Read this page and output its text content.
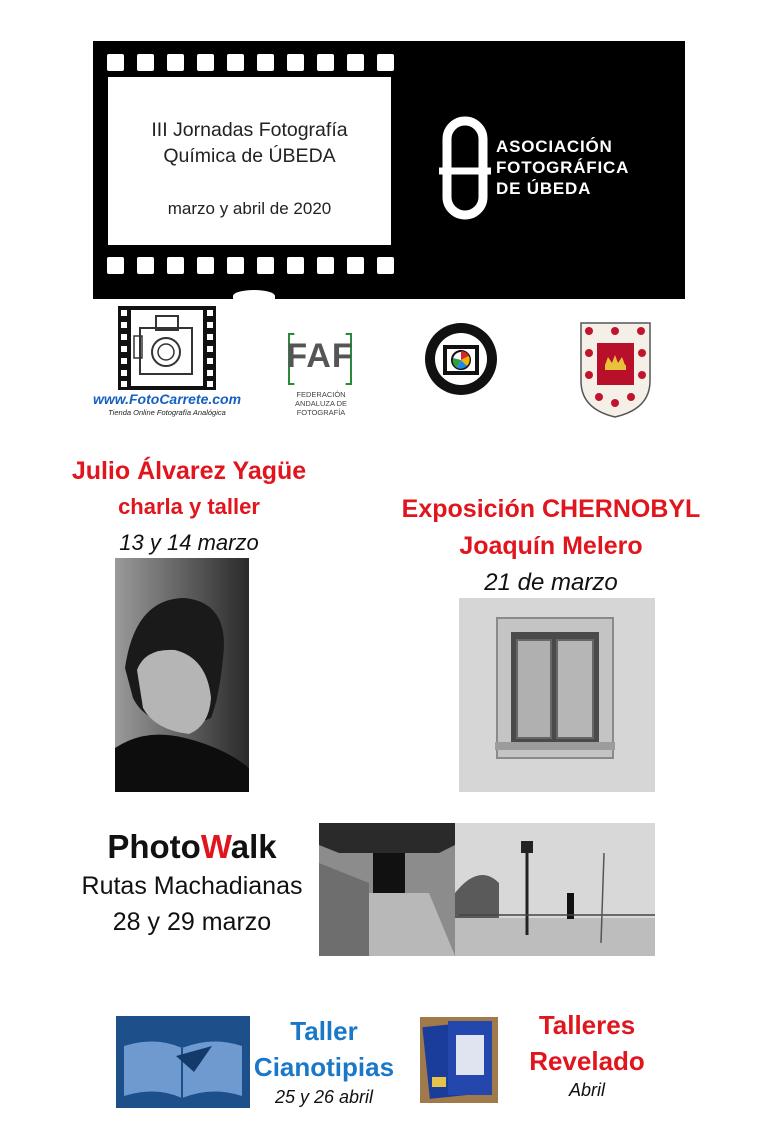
III Jornadas Fotografía
Química de ÚBEDA
marzo y abril de 2020
ASOCIACIÓN
FOTOGRÁFICA
DE ÚBEDA
www.FotoCarrete.com
Tienda Online Fotografía Analógica
FAF
FEDERACIÓN
ANDALUZA DE
FOTOGRAFÍA
Julio Álvarez Yagüe
charla y taller
13 y 14 marzo
Exposición CHERNOBYL
Joaquín Melero
21 de marzo
PhotoWalk
Rutas Machadianas
28 y 29 marzo
Taller
Cianotipias
25 y 26 abril
Talleres
Revelado
Abril
